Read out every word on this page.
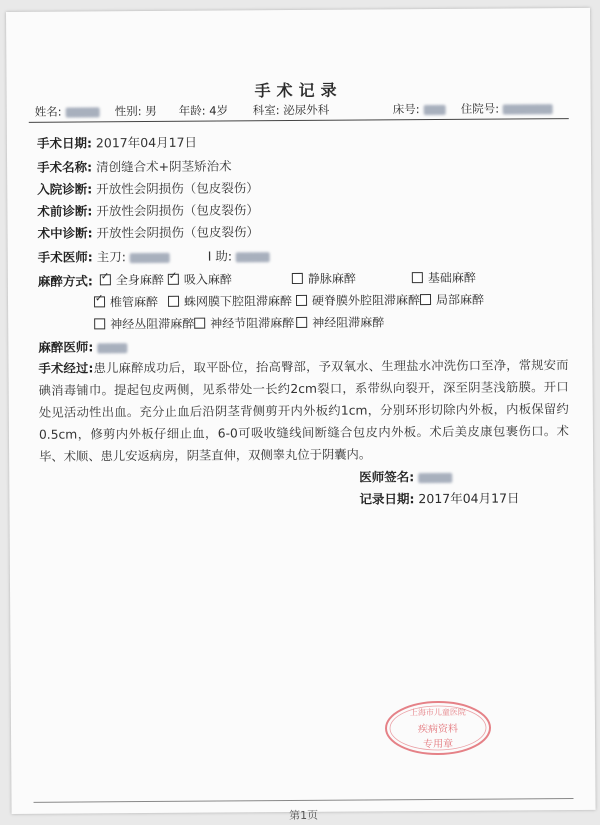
手术记录
姓名:	性别: 男 年龄: 4岁 科室: 泌尿外科	床号:	住院号:
手术日期: 2017年04月17日
手术名称: 清创缝合术+阴茎矫治术
入院诊断: 开放性会阴损伤（包皮裂伤）
术前诊断: 开放性会阴损伤（包皮裂伤）
术中诊断: 开放性会阴损伤（包皮裂伤）
手术医师: 主刀:	I 助:
麻醉方式: ✓	全身麻醉 ✓	吸入麻醉	静脉麻醉	基础麻醉
✓椎管麻醉	蛛网膜下腔阻滞麻醉	硬脊膜外腔阻滞麻醉	局部麻醉
神经丛阻滞麻醉	神经节阻滞麻醉	神经阻滞麻醉
麻醉医师:
手术经过:患儿麻醉成功后，取平卧位，抬高臀部，予双氧水、生理盐水冲洗伤口至净，常规安而碘消毒铺巾。提起包皮两侧，见系带处一长约2cm裂口，系带纵向裂开，深至阴茎浅筋膜。开口处见活动性出血。充分止血后沿阴茎背侧剪开内外板约1cm，分别环形切除内外板，内板保留约0.5cm，修剪内外板仔细止血，6-0可吸收缝线间断缝合包皮内外板。术后美皮康包裹伤口。术毕、术顺、患儿安返病房，阴茎直伸，双侧睾丸位于阴囊内。
医师签名:
记录日期: 2017年04月17日
上海市儿童医院
疾病资料
专用章
第1页
